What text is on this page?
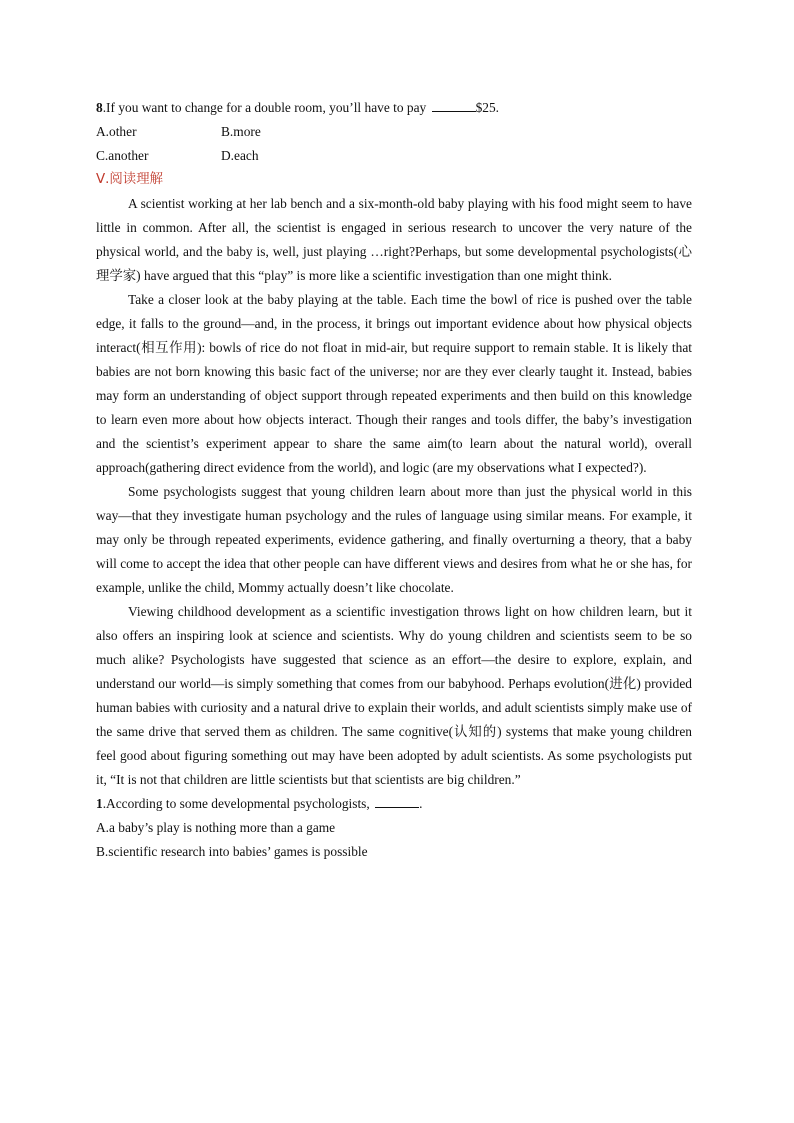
8.If you want to change for a double room, you’ll have to pay	$25.

A.other	B.more
C.another	D.each
Ⅴ.阅读理解

A scientist working at her lab bench and a six-month-old baby playing with his food might seem to have little in common. After all, the scientist is engaged in serious research to uncover the very nature of the physical world, and the baby is, well, just playing …right?Perhaps, but some developmental psychologists(心理学家) have argued that this “play” is more like a scientific investigation than one might think.

Take a closer look at the baby playing at the table. Each time the bowl of rice is pushed over the table edge, it falls to the ground—and, in the process, it brings out important evidence about how physical objects interact(相互作用): bowls of rice do not float in mid-air, but require support to remain stable. It is likely that babies are not born knowing this basic fact of the universe; nor are they ever clearly taught it. Instead, babies may form an understanding of object support through repeated experiments and then build on this knowledge to learn even more about how objects interact. Though their ranges and tools differ, the baby’s investigation and the scientist’s experiment appear to share the same aim(to learn about the natural world), overall approach(gathering direct evidence from the world), and logic (are my observations what I expected?).

Some psychologists suggest that young children learn about more than just the physical world in this way—that they investigate human psychology and the rules of language using similar means. For example, it may only be through repeated experiments, evidence gathering, and finally overturning a theory, that a baby will come to accept the idea that other people can have different views and desires from what he or she has, for example, unlike the child, Mommy actually doesn’t like chocolate.

Viewing childhood development as a scientific investigation throws light on how children learn, but it also offers an inspiring look at science and scientists. Why do young children and scientists seem to be so much alike? Psychologists have suggested that science as an effort—the desire to explore, explain, and understand our world—is simply something that comes from our babyhood. Perhaps evolution(进化) provided human babies with curiosity and a natural drive to explain their worlds, and adult scientists simply make use of the same drive that served them as children. The same cognitive(认知的) systems that make young children feel good about figuring something out may have been adopted by adult scientists. As some psychologists put it, “It is not that children are little scientists but that scientists are big children.”

1.According to some developmental psychologists,	.

A.a baby’s play is nothing more than a game

B.scientific research into babies’ games is possible
